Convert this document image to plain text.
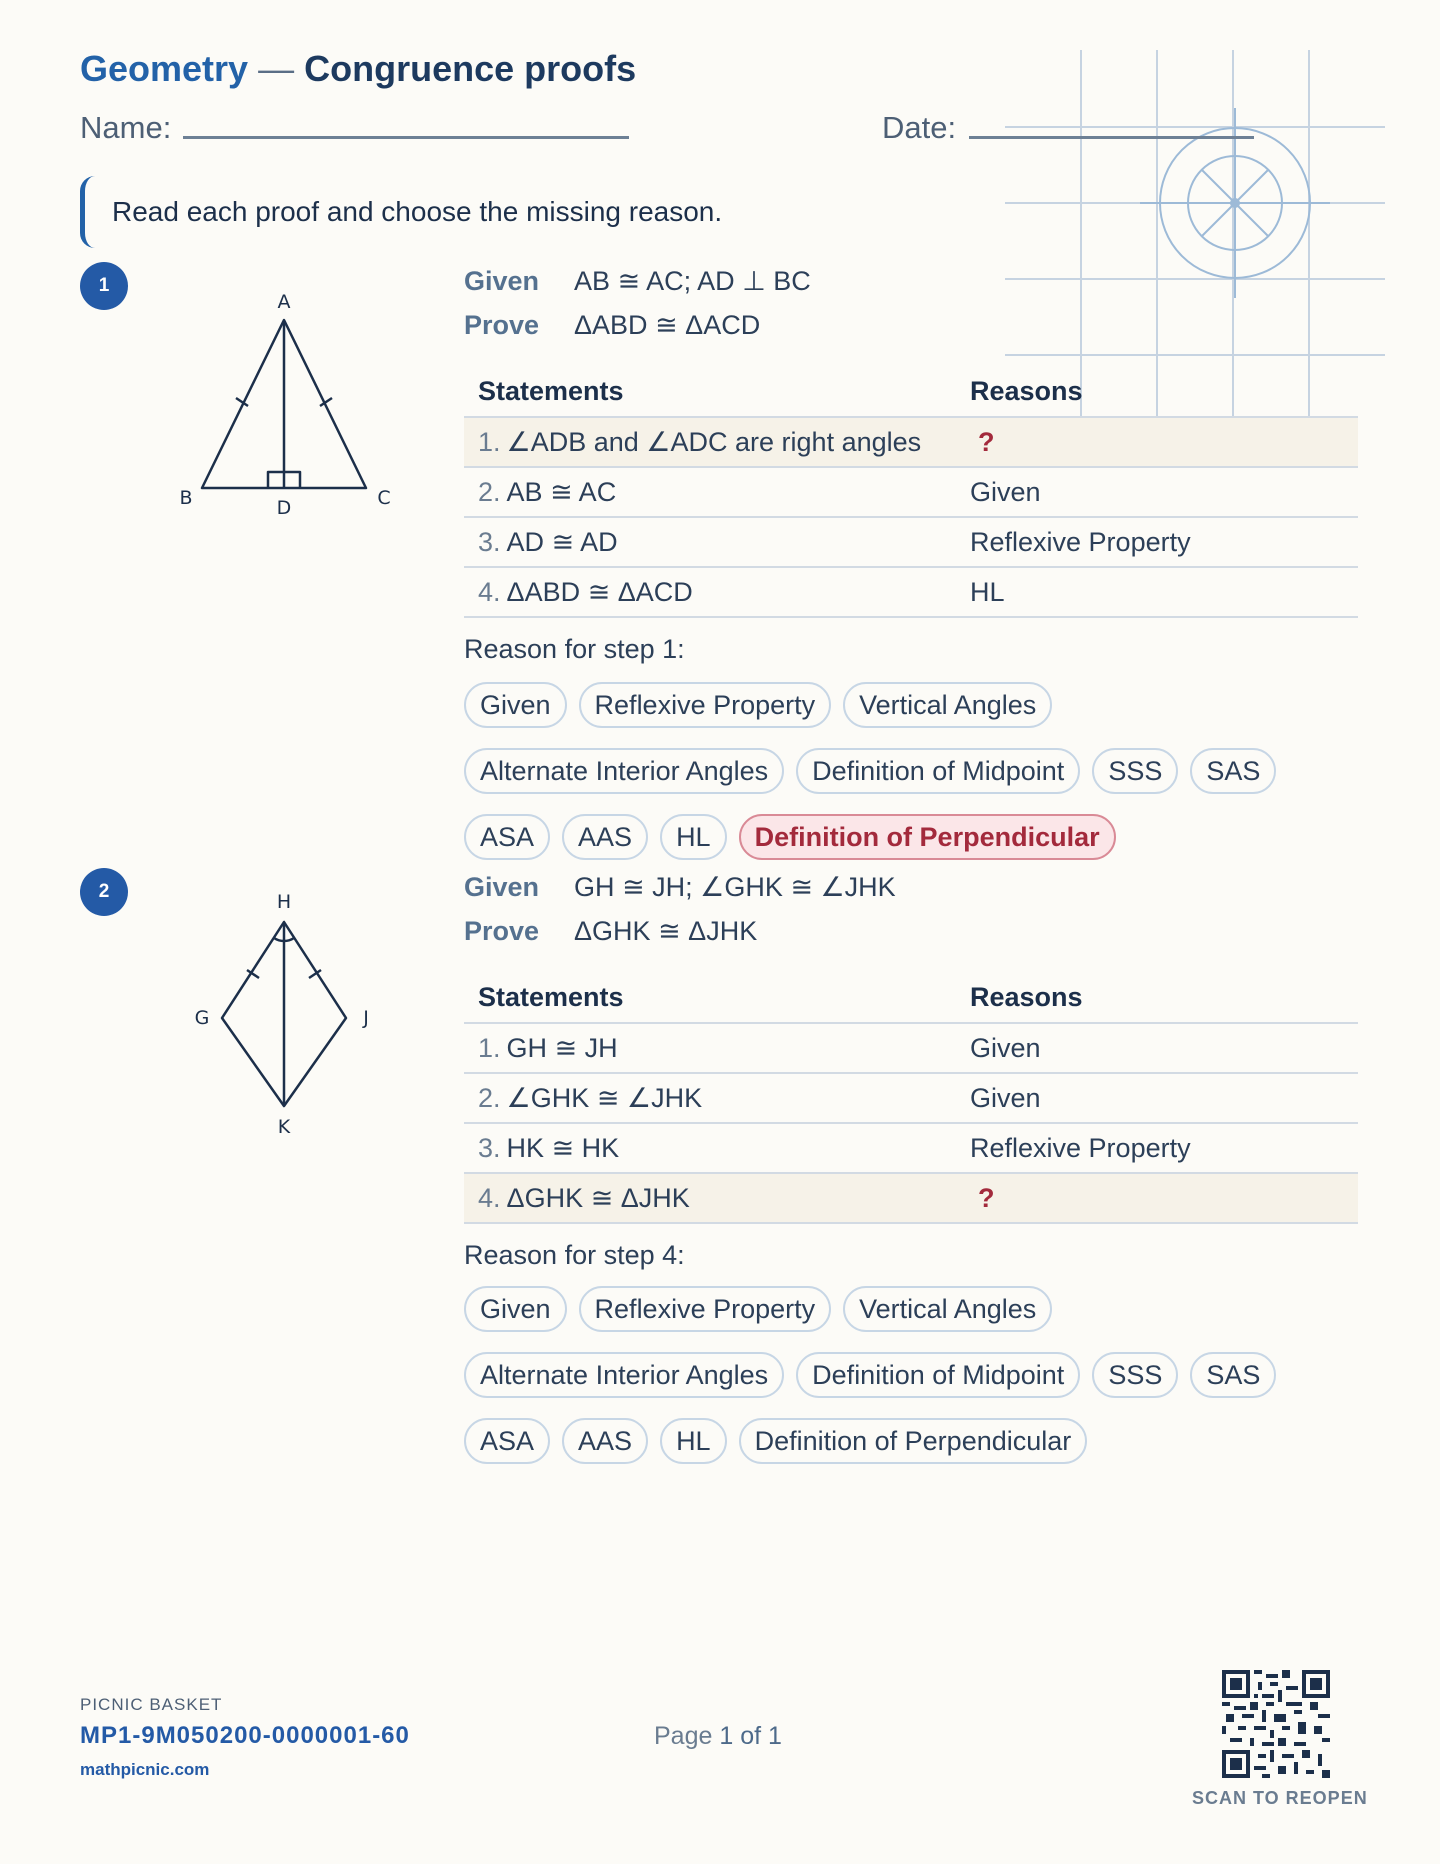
Geometry — Congruence proofs
Name:	Date:
Read each proof and choose the missing reason.
1
A
B	C
D
Given AB ≅ AC; AD ⊥ BC
Prove ΔABD ≅ ΔACD
Statements	Reasons
1. ∠ADB and ∠ADC are right angles	?
2. AB ≅ AC	Given
3. AD ≅ AD	Reflexive Property
4. ΔABD ≅ ΔACD	HL
Reason for step 1:
Given	Reflexive Property	Vertical Angles
Alternate Interior Angles	Definition of Midpoint	SSS	SAS
ASA	AAS	HL	Definition of Perpendicular
2	H
G	J
K
Given GH ≅ JH; ∠GHK ≅ ∠JHK
Prove ΔGHK ≅ ΔJHK
Statements	Reasons
1. GH ≅ JH	Given
2. ∠GHK ≅ ∠JHK	Given
3. HK ≅ HK	Reflexive Property
4. ΔGHK ≅ ΔJHK	?
Reason for step 4:
Given	Reflexive Property	Vertical Angles
Alternate Interior Angles	Definition of Midpoint	SSS	SAS
ASA	AAS	HL	Definition of Perpendicular
PICNIC BASKET
MP1-9M050200-0000001-60
mathpicnic.com
Page 1 of 1
SCAN TO REOPEN
